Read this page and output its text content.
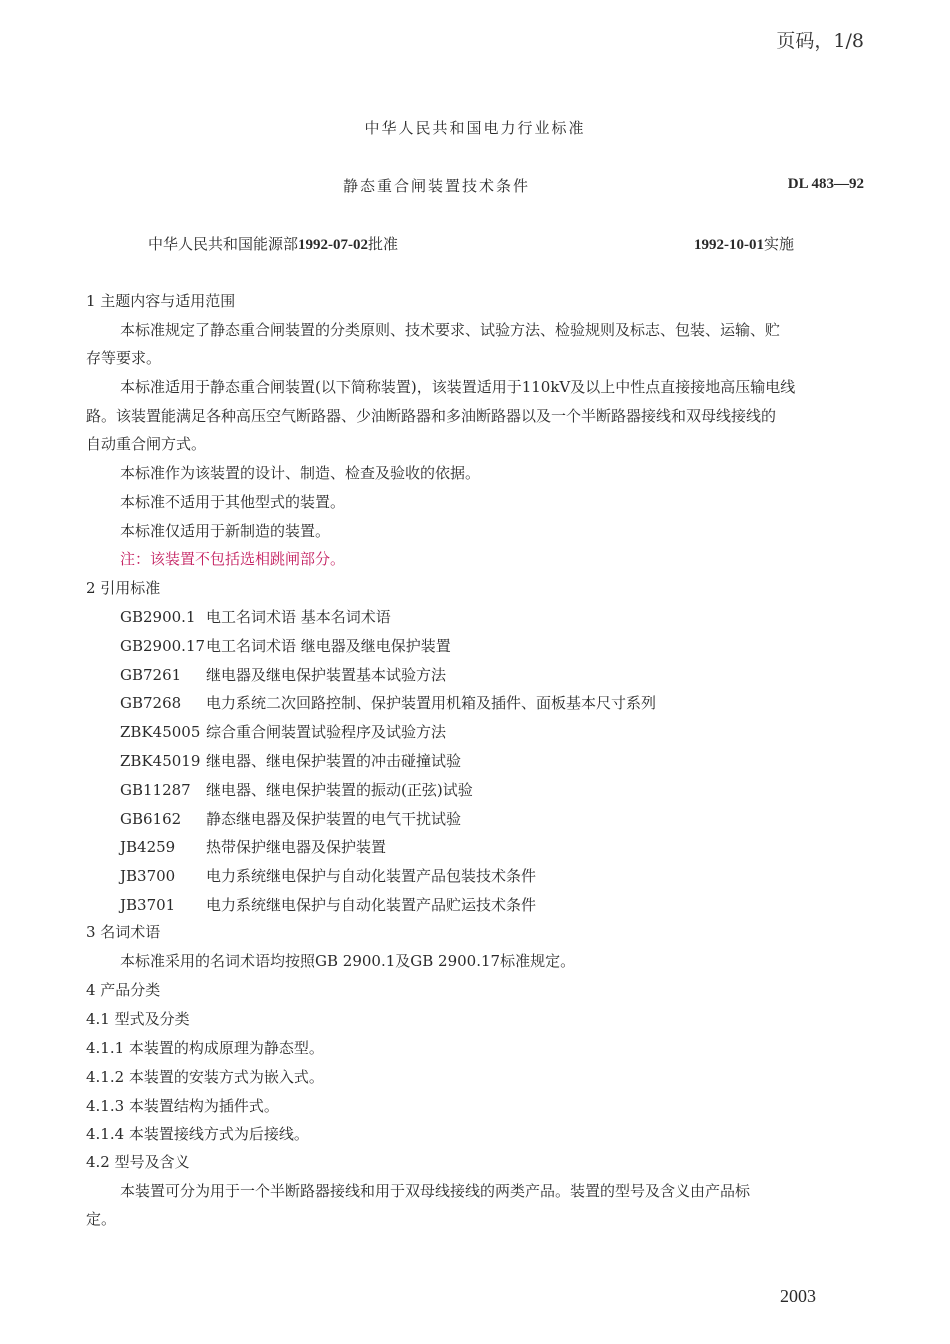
页码，1/8
中华人民共和国电力行业标准
静态重合闸装置技术条件	DL 483—92
中华人民共和国能源部1992-07-02批准	1992-10-01实施
1 主题内容与适用范围
本标准规定了静态重合闸装置的分类原则、技术要求、试验方法、检验规则及标志、包装、运输、贮
存等要求。
本标准适用于静态重合闸装置(以下简称装置)，该装置适用于110kV及以上中性点直接接地高压输电线
路。该装置能满足各种高压空气断路器、少油断路器和多油断路器以及一个半断路器接线和双母线接线的
自动重合闸方式。
本标准作为该装置的设计、制造、检查及验收的依据。
本标准不适用于其他型式的装置。
本标准仅适用于新制造的装置。
注：该装置不包括选相跳闸部分。
2 引用标准
GB2900.1 电工名词术语 基本名词术语
GB2900.17电工名词术语 继电器及继电保护装置
GB7261 继电器及继电保护装置基本试验方法
GB7268 电力系统二次回路控制、保护装置用机箱及插件、面板基本尺寸系列
ZBK45005 综合重合闸装置试验程序及试验方法
ZBK45019 继电器、继电保护装置的冲击碰撞试验
GB11287 继电器、继电保护装置的振动(正弦)试验
GB6162 静态继电器及保护装置的电气干扰试验
JB4259 热带保护继电器及保护装置
JB3700 电力系统继电保护与自动化装置产品包装技术条件
JB3701 电力系统继电保护与自动化装置产品贮运技术条件
3 名词术语
本标准采用的名词术语均按照GB 2900.1及GB 2900.17标准规定。
4 产品分类
4.1 型式及分类
4.1.1 本装置的构成原理为静态型。
4.1.2 本装置的安装方式为嵌入式。
4.1.3 本装置结构为插件式。
4.1.4 本装置接线方式为后接线。
4.2 型号及含义
本装置可分为用于一个半断路器接线和用于双母线接线的两类产品。装置的型号及含义由产品标
定。
2003
